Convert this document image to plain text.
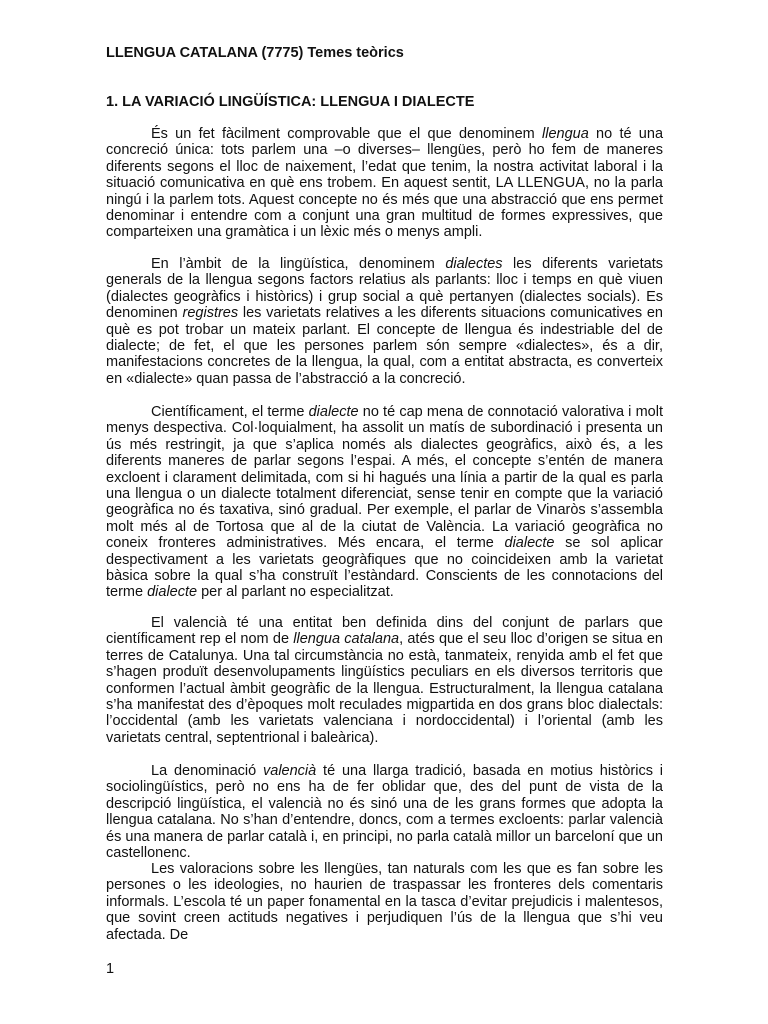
LLENGUA CATALANA (7775) Temes teòrics
1. LA VARIACIÓ LINGÜÍSTICA: LLENGUA I DIALECTE

És un fet fàcilment comprovable que el que denominem llengua no té una concreció única: tots parlem una –o diverses– llengües, però ho fem de maneres diferents segons el lloc de naixement, l’edat que tenim, la nostra activitat laboral i la situació comunicativa en què ens trobem. En aquest sentit, LA LLENGUA, no la parla ningú i la parlem tots. Aquest concepte no és més que una abstracció que ens permet denominar i entendre com a conjunt una gran multitud de formes expressives, que comparteixen una gramàtica i un lèxic més o menys ampli.

En l’àmbit de la lingüística, denominem dialectes les diferents varietats generals de la llengua segons factors relatius als parlants: lloc i temps en què viuen (dialectes geogràfics i històrics) i grup social a què pertanyen (dialectes socials). Es denominen registres les varietats relatives a les diferents situacions comunicatives en què es pot trobar un mateix parlant. El concepte de llengua és indestriable del de dialecte; de fet, el que les persones parlem són sempre «dialectes», és a dir, manifestacions concretes de la llengua, la qual, com a entitat abstracta, es converteix en «dialecte» quan passa de l’abstracció a la concreció.

Científicament, el terme dialecte no té cap mena de connotació valorativa i molt menys despectiva. Col·loquialment, ha assolit un matís de subordinació i presenta un ús més restringit, ja que s’aplica només als dialectes geogràfics, això és, a les diferents maneres de parlar segons l’espai. A més, el concepte s’entén de manera excloent i clarament delimitada, com si hi hagués una línia a partir de la qual es parla una llengua o un dialecte totalment diferenciat, sense tenir en compte que la variació geogràfica no és taxativa, sinó gradual. Per exemple, el parlar de Vinaròs s’assembla molt més al de Tortosa que al de la ciutat de València. La variació geogràfica no coneix fronteres administratives. Més encara, el terme dialecte se sol aplicar despectivament a les varietats geogràfiques que no coincideixen amb la varietat bàsica sobre la qual s’ha construït l’estàndard. Conscients de les connotacions del terme dialecte per al parlant no especialitzat.

El valencià té una entitat ben definida dins del conjunt de parlars que científicament rep el nom de llengua catalana, atés que el seu lloc d’origen se situa en terres de Catalunya. Una tal circumstància no està, tanmateix, renyida amb el fet que s’hagen produït desenvolupaments lingüístics peculiars en els diversos territoris que conformen l’actual àmbit geogràfic de la llengua. Estructuralment, la llengua catalana s’ha manifestat des d’èpoques molt reculades migpartida en dos grans bloc dialectals: l’occidental (amb les varietats valenciana i nordoccidental) i l’oriental (amb les varietats central, septentrional i baleàrica).

La denominació valencià té una llarga tradició, basada en motius històrics i sociolingüístics, però no ens ha de fer oblidar que, des del punt de vista de la descripció lingüística, el valencià no és sinó una de les grans formes que adopta la llengua catalana. No s’han d’entendre, doncs, com a termes excloents: parlar valencià és una manera de parlar català i, en principi, no parla català millor un barceloní que un castellonenc.

Les valoracions sobre les llengües, tan naturals com les que es fan sobre les persones o les ideologies, no haurien de traspassar les fronteres dels comentaris informals. L’escola té un paper fonamental en la tasca d’evitar prejudicis i malentesos, que sovint creen actituds negatives i perjudiquen l’ús de la llengua que s’hi veu afectada. De

1
